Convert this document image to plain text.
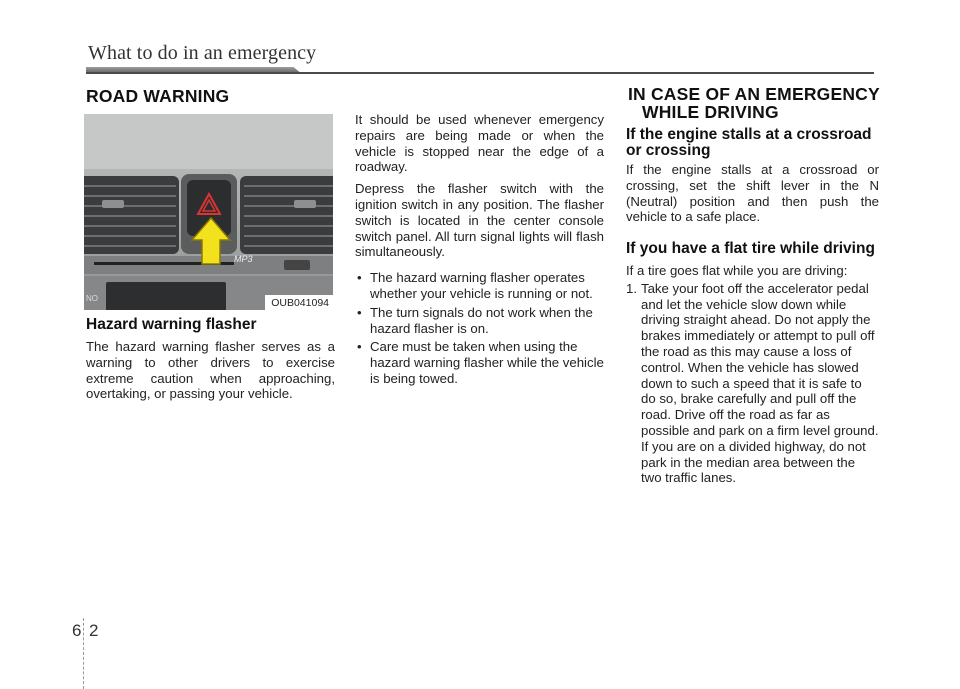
What to do in an emergency
ROAD WARNING
MP3
NO	OUB041094
Hazard warning flasher

The hazard warning flasher serves as a warning to other drivers to exercise extreme caution when approaching, overtaking, or passing your vehicle.

It should be used whenever emergency repairs are being made or when the vehicle is stopped near the edge of a roadway.

Depress the flasher switch with the ignition switch in any position. The flasher switch is located in the center console switch panel. All turn signal lights will flash simultaneously.

• The hazard warning flasher operates whether your vehicle is running or not.
• The turn signals do not work when the hazard flasher is on.
• Care must be taken when using the hazard warning flasher while the vehicle is being towed.
IN CASE OF AN EMERGENCY
WHILE DRIVING
If the engine stalls at a crossroad
or crossing

If the engine stalls at a crossroad or crossing, set the shift lever in the N (Neutral) position and then push the vehicle to a safe place.

If you have a flat tire while driving

If a tire goes flat while you are driving:

1. Take your foot off the accelerator pedal and let the vehicle slow down while driving straight ahead. Do not apply the brakes immediately or attempt to pull off the road as this may cause a loss of control. When the vehicle has slowed down to such a speed that it is safe to do so, brake carefully and pull off the road. Drive off the road as far as possible and park on a firm level ground. If you are on a divided highway, do not park in the median area between the two traffic lanes.
6 2
